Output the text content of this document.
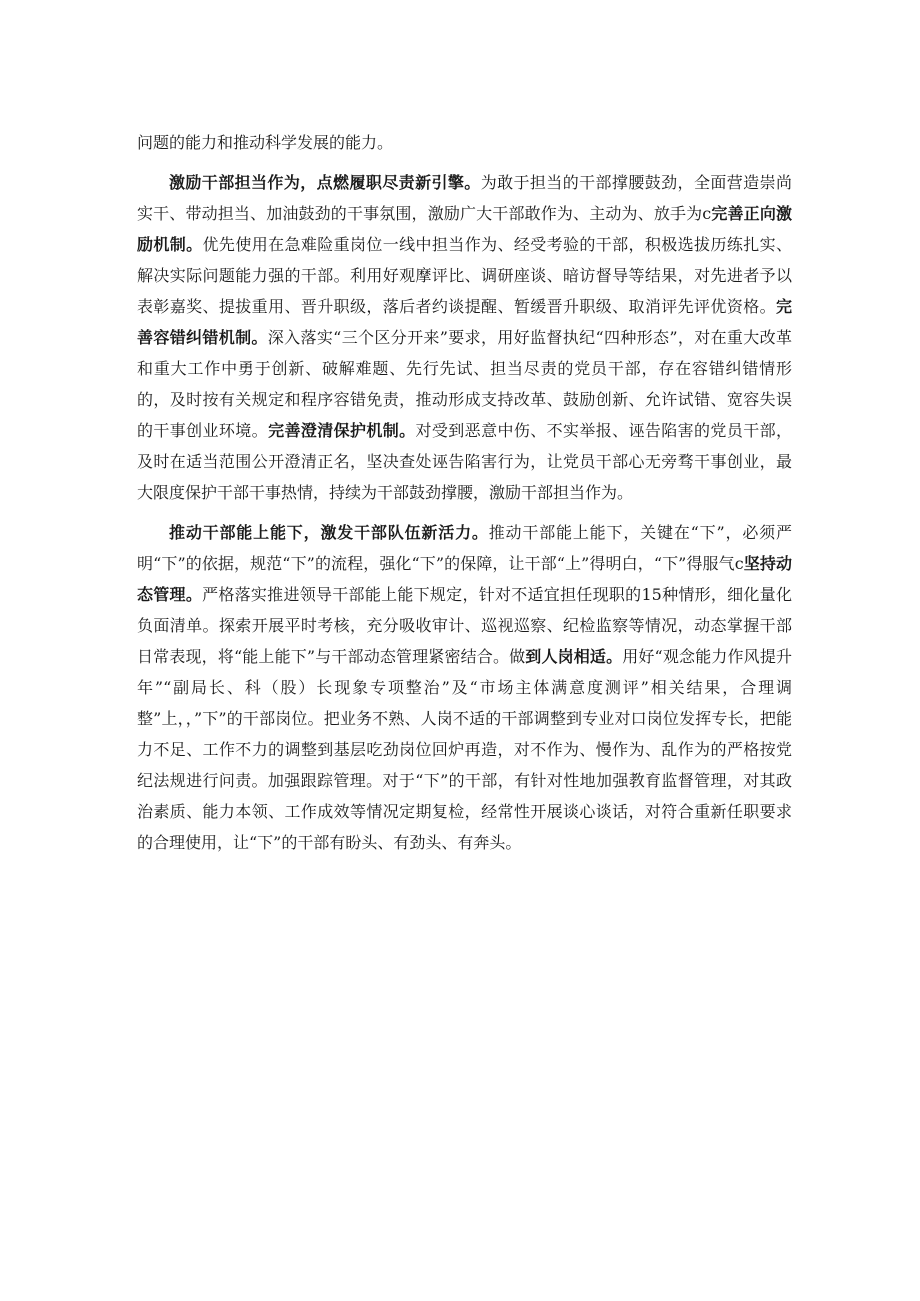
问题的能力和推动科学发展的能力。

激励干部担当作为，点燃履职尽责新引擎。为敢于担当的干部撑腰鼓劲，全面营造崇尚实干、带动担当、加油鼓劲的干事氛围，激励广大干部敢作为、主动为、放手为c完善正向激励机制。优先使用在急难险重岗位一线中担当作为、经受考验的干部，积极选拔历练扎实、解决实际问题能力强的干部。利用好观摩评比、调研座谈、暗访督导等结果，对先进者予以表彰嘉奖、提拔重用、晋升职级，落后者约谈提醒、暂缓晋升职级、取消评先评优资格。完善容错纠错机制。深入落实“三个区分开来”要求，用好监督执纪“四种形态”，对在重大改革和重大工作中勇于创新、破解难题、先行先试、担当尽责的党员干部，存在容错纠错情形的，及时按有关规定和程序容错免责，推动形成支持改革、鼓励创新、允许试错、宽容失误的干事创业环境。完善澄清保护机制。对受到恶意中伤、不实举报、诬告陷害的党员干部，及时在适当范围公开澄清正名，坚决查处诬告陷害行为，让党员干部心无旁骛干事创业，最大限度保护干部干事热情，持续为干部鼓劲撑腰，激励干部担当作为。

推动干部能上能下，激发干部队伍新活力。推动干部能上能下，关键在“下”，必须严明“下”的依据，规范“下”的流程，强化“下”的保障，让干部“上”得明白，“下”得服气c坚持动态管理。严格落实推进领导干部能上能下规定，针对不适宜担任现职的15种情形，细化量化负面清单。探索开展平时考核，充分吸收审计、巡视巡察、纪检监察等情况，动态掌握干部日常表现，将“能上能下”与干部动态管理紧密结合。做到人岗相适。用好“观念能力作风提升年”“副局长、科（股）长现象专项整治”及“市场主体满意度测评”相关结果，合理调整”上，，”下”的干部岗位。把业务不熟、人岗不适的干部调整到专业对口岗位发挥专长，把能力不足、工作不力的调整到基层吃劲岗位回炉再造，对不作为、慢作为、乱作为的严格按党纪法规进行问责。加强跟踪管理。对于“下”的干部，有针对性地加强教育监督管理，对其政治素质、能力本领、工作成效等情况定期复检，经常性开展谈心谈话，对符合重新任职要求的合理使用，让“下”的干部有盼头、有劲头、有奔头。
